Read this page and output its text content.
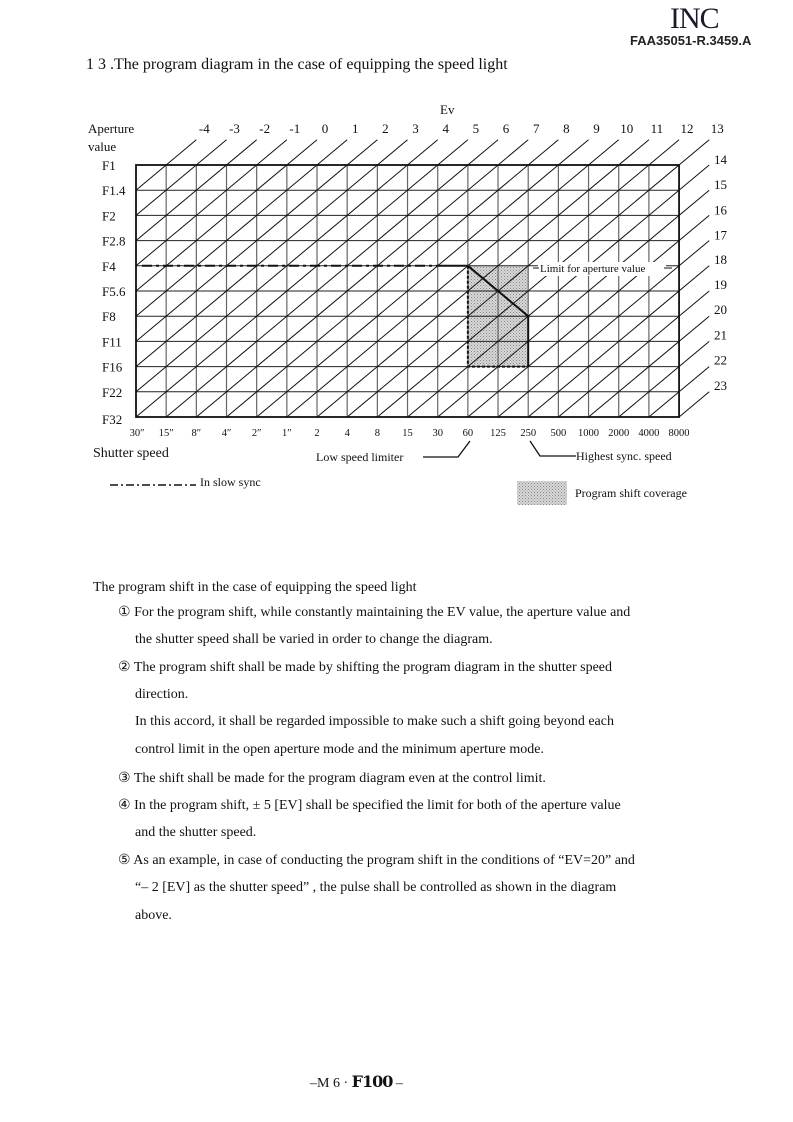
INC
FAA35051-R.3459.A
1 3 .The program diagram in the case of equipping the speed light
-4 -3 -2 -1 0 1 2 3 4 5 6 7 8 9 10 11 12 13
14
15
16
17
18
19
20
21
22
23
F1
F1.4
F2
F2.8
F4
F5.6
F8
F11
F16
F22
F32
30″ 15″ 8″ 4″ 2″ 1″ 2 4 8 15 30 60 125 250 500 1000 2000 4000 8000
Ev
Aperture
value
Shutter speed
Limit for aperture value
Low speed limiter	Highest sync. speed
In slow sync
Program shift coverage
The program shift in the case of equipping the speed light
① For the program shift, while constantly maintaining the EV value, the aperture value and
the shutter speed shall be varied in order to change the diagram.
② The program shift shall be made by shifting the program diagram in the shutter speed
direction.
In this accord, it shall be regarded impossible to make such a shift going beyond each
control limit in the open aperture mode and the minimum aperture mode.
③ The shift shall be made for the program diagram even at the control limit.
④ In the program shift, ± 5 [EV] shall be specified the limit for both of the aperture value
and the shutter speed.
⑤ As an example, in case of conducting the program shift in the conditions of “EV=20” and
“– 2 [EV] as the shutter speed” , the pulse shall be controlled as shown in the diagram
above.
–M 6 · F100 –
